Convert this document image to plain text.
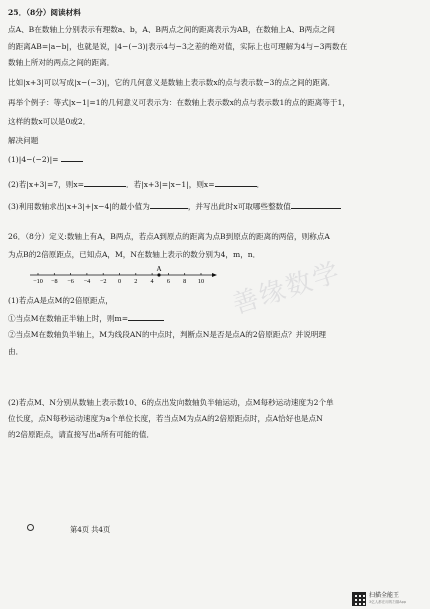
25．（8分）阅读材料
点A、B在数轴上分别表示有理数a、b，A、B两点之间的距离表示为AB，在数轴上A、B两点之间
的距离AB=|a−b|，也就是说，|4−(−3)|表示4与−3之差的绝对值，实际上也可理解为4与−3两数在
数轴上所对的两点之间的距离．
比如|x+3|可以写成|x−(−3)|，它的几何意义是数轴上表示数x的点与表示数−3的点之间的距离．
再举个例子：等式|x−1|=1的几何意义可表示为：在数轴上表示数x的点与表示数1的点的距离等于1，
这样的数x可以是0或2．
解决问题
(1)|4−(−2)|=
(2)若|x+3|=7，则x=	．若|x+3|=|x−1|，则x=	．
(3)利用数轴求出|x+3|+|x−4|的最小值为	，并写出此时x可取哪些整数值
26．（8分）定义:数轴上有A，B两点，若点A到原点的距离为点B到原点的距离的两倍，则称点A
为点B的2倍原距点，已知点A，M，N在数轴上表示的数分别为4，m，n．
A
−10 −8 −6 −4 −2 0 2 4 6 8 10
(1)若点A是点M的2倍原距点，
①当点M在数轴正半轴上时，则m=
②当点M在数轴负半轴上，M为线段AN的中点时，判断点N是否是点A的2倍原距点？并说明理
由．
(2)若点M、N分别从数轴上表示数10、6的点出发向数轴负半轴运动，点M每秒运动速度为2个单
位长度，点N每秒运动速度为a个单位长度，若当点M为点A的2倍原距点时，点A恰好也是点N
的2倍原距点，请直接写出a所有可能的值．
善缘数学
第4页 共4页
扫描全能王
3亿人都在用的扫描App
